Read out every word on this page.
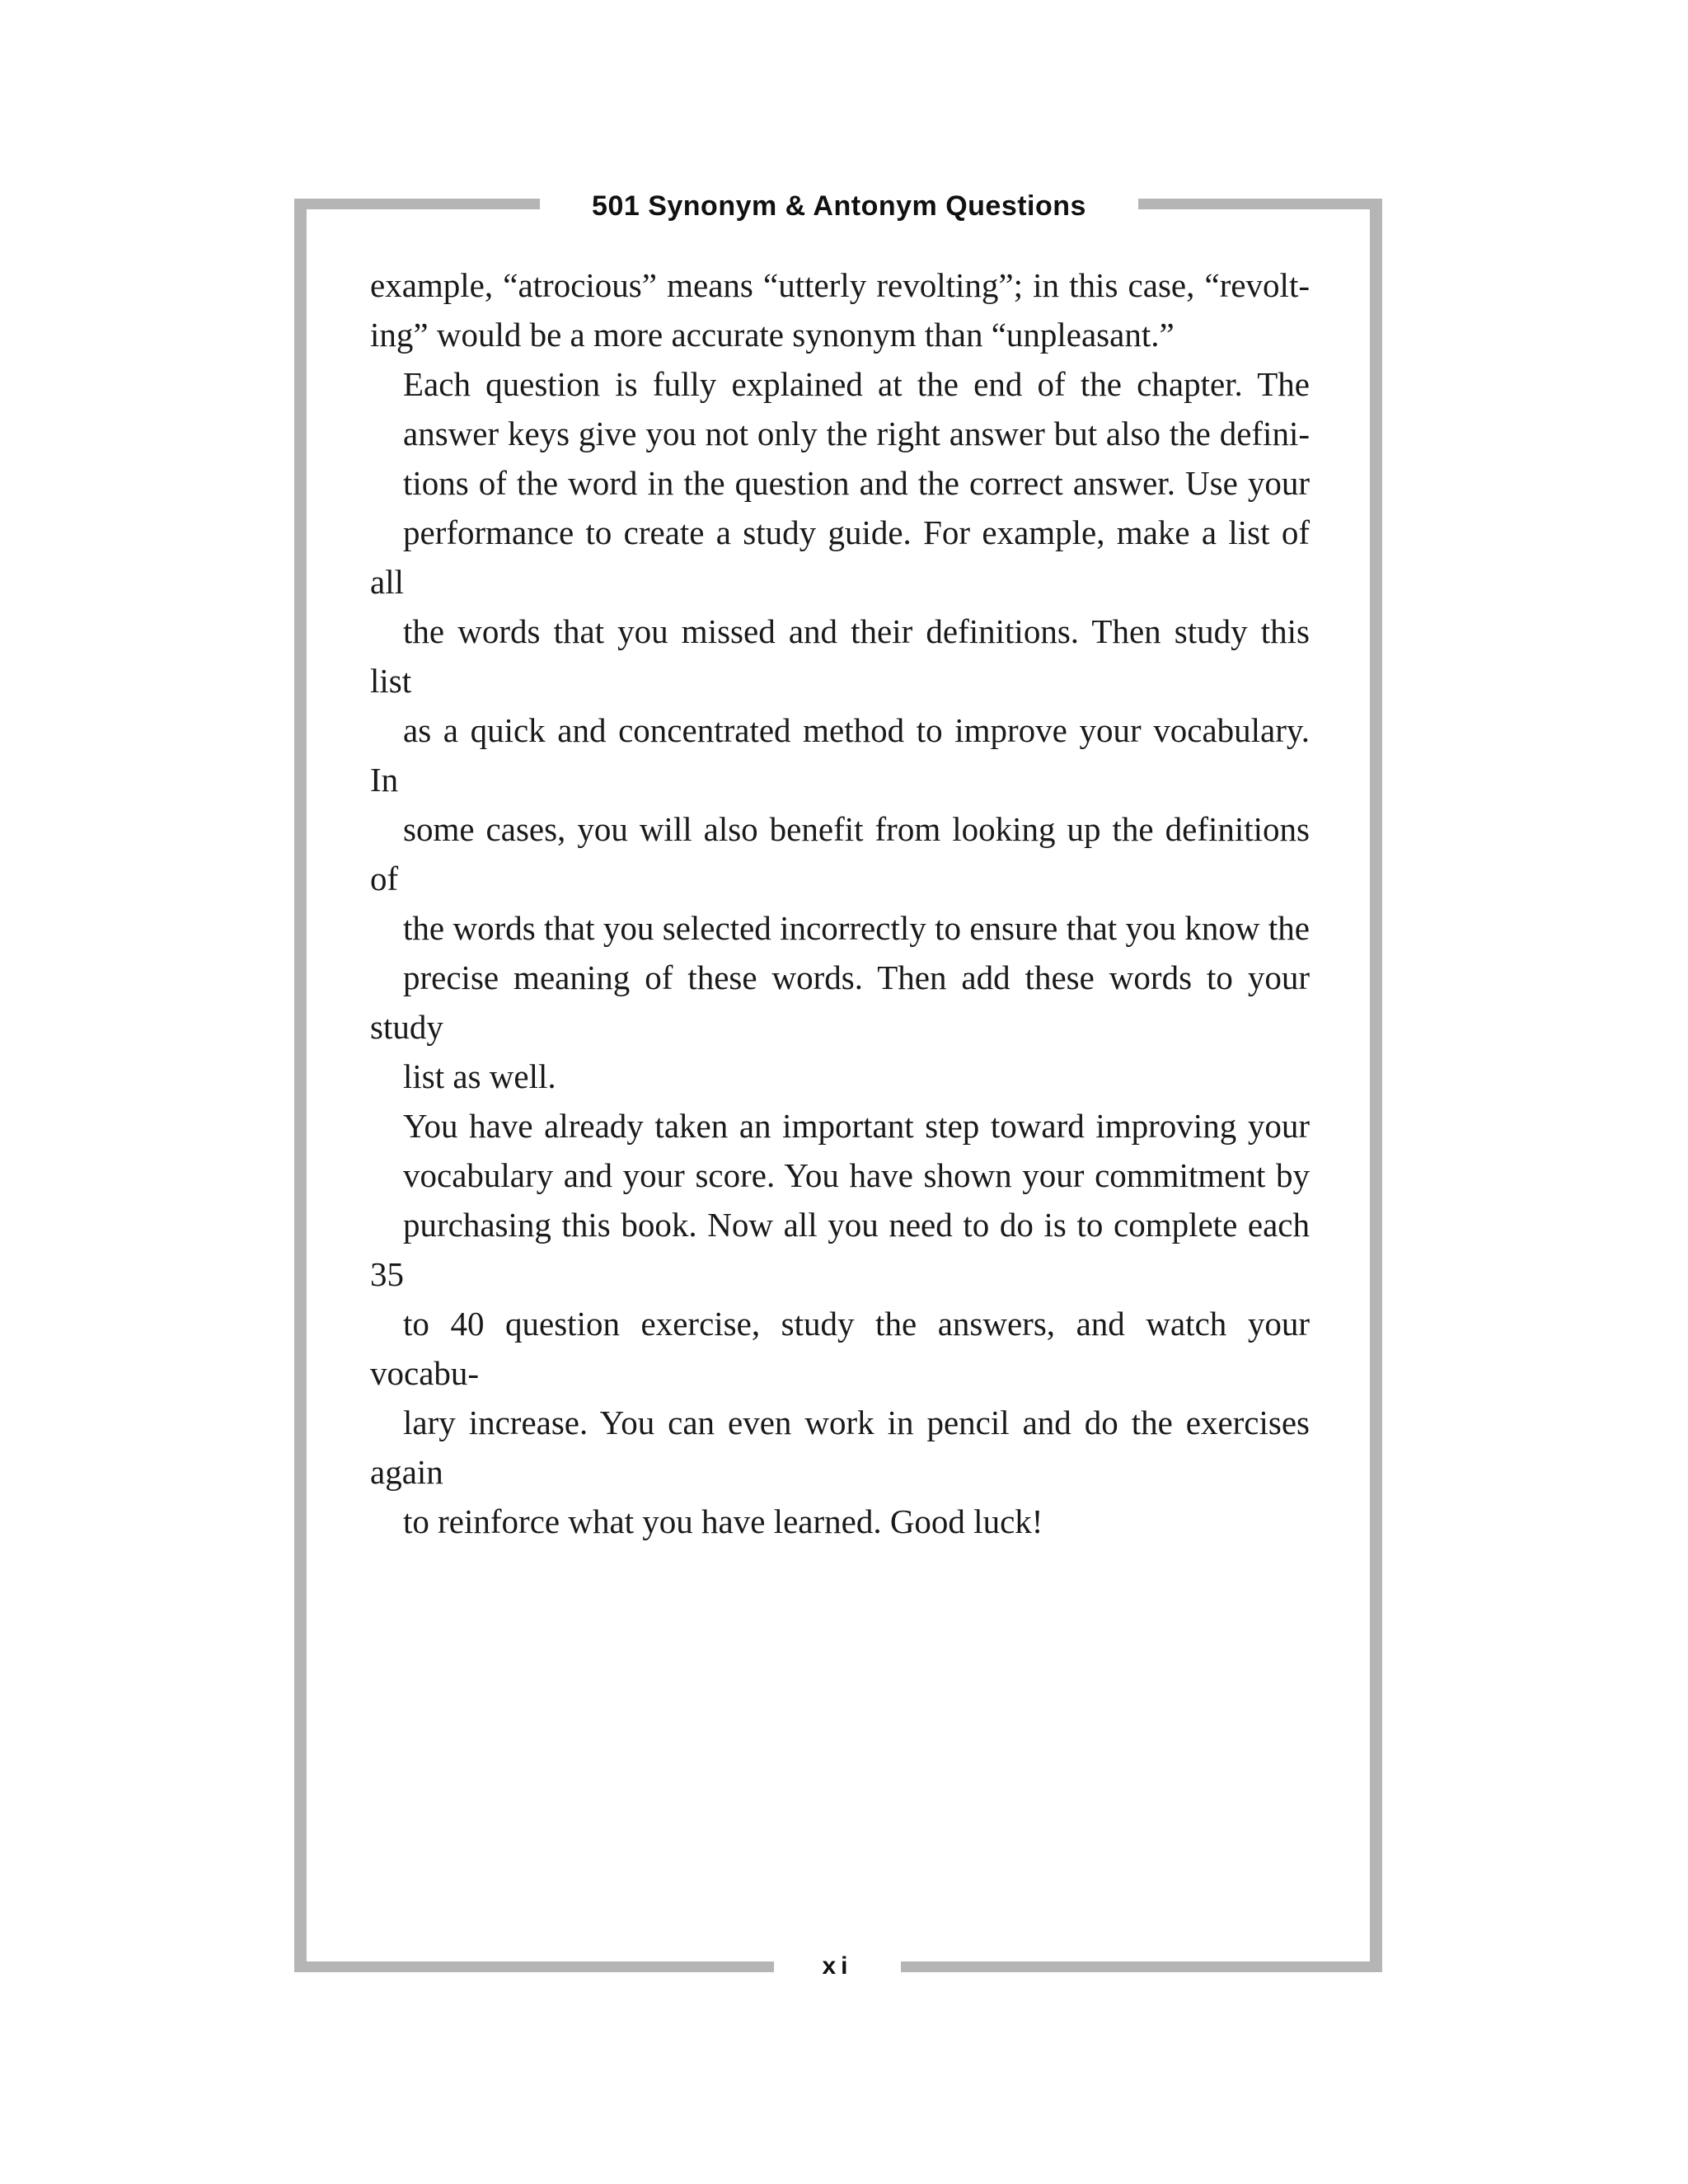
501 Synonym & Antonym Questions

example, “atrocious” means “utterly revolting”; in this case, “revolt-
ing” would be a more accurate synonym than “unpleasant.”

Each question is fully explained at the end of the chapter. The
answer keys give you not only the right answer but also the defini-
tions of the word in the question and the correct answer. Use your
performance to create a study guide. For example, make a list of all
the words that you missed and their definitions. Then study this list
as a quick and concentrated method to improve your vocabulary. In
some cases, you will also benefit from looking up the definitions of
the words that you selected incorrectly to ensure that you know the
precise meaning of these words. Then add these words to your study
list as well.

You have already taken an important step toward improving your
vocabulary and your score. You have shown your commitment by
purchasing this book. Now all you need to do is to complete each 35
to 40 question exercise, study the answers, and watch your vocabu-
lary increase. You can even work in pencil and do the exercises again
to reinforce what you have learned. Good luck!

xi
